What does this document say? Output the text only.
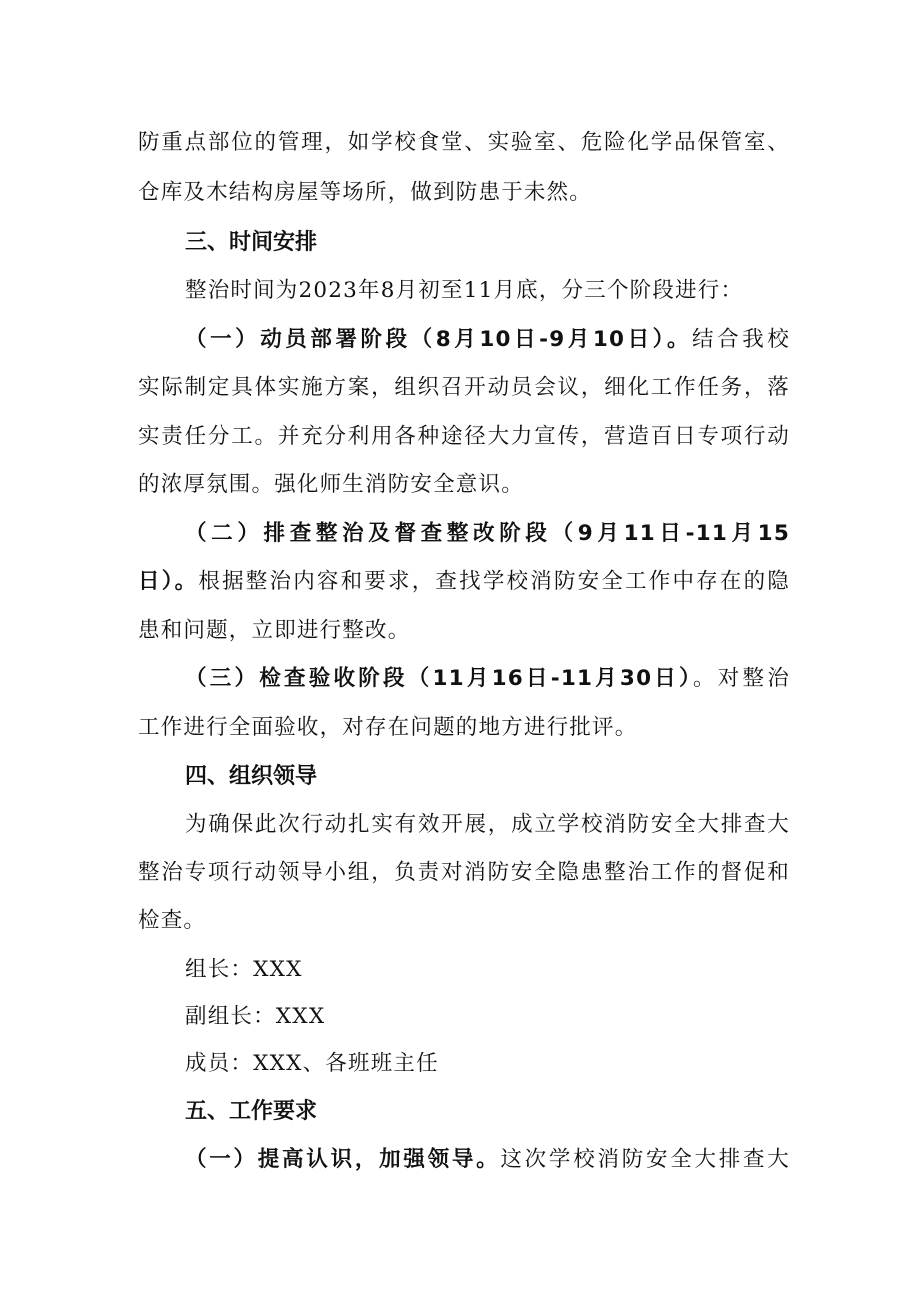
防重点部位的管理，如学校食堂、实验室、危险化学品保管室、
仓库及木结构房屋等场所，做到防患于未然。
三、时间安排
整治时间为2023年8月初至11月底，分三个阶段进行：
（一）动员部署阶段（8月10日-9月10日）。结合我校
实际制定具体实施方案，组织召开动员会议，细化工作任务，落
实责任分工。并充分利用各种途径大力宣传，营造百日专项行动
的浓厚氛围。强化师生消防安全意识。
（二）排查整治及督查整改阶段（9月11日-11月15
日）。根据整治内容和要求，查找学校消防安全工作中存在的隐
患和问题，立即进行整改。
（三）检查验收阶段（11月16日-11月30日）。对整治
工作进行全面验收，对存在问题的地方进行批评。
四、组织领导
为确保此次行动扎实有效开展，成立学校消防安全大排查大
整治专项行动领导小组，负责对消防安全隐患整治工作的督促和
检查。
组长：XXX
副组长：XXX
成员：XXX、各班班主任
五、工作要求
（一）提高认识，加强领导。这次学校消防安全大排查大
